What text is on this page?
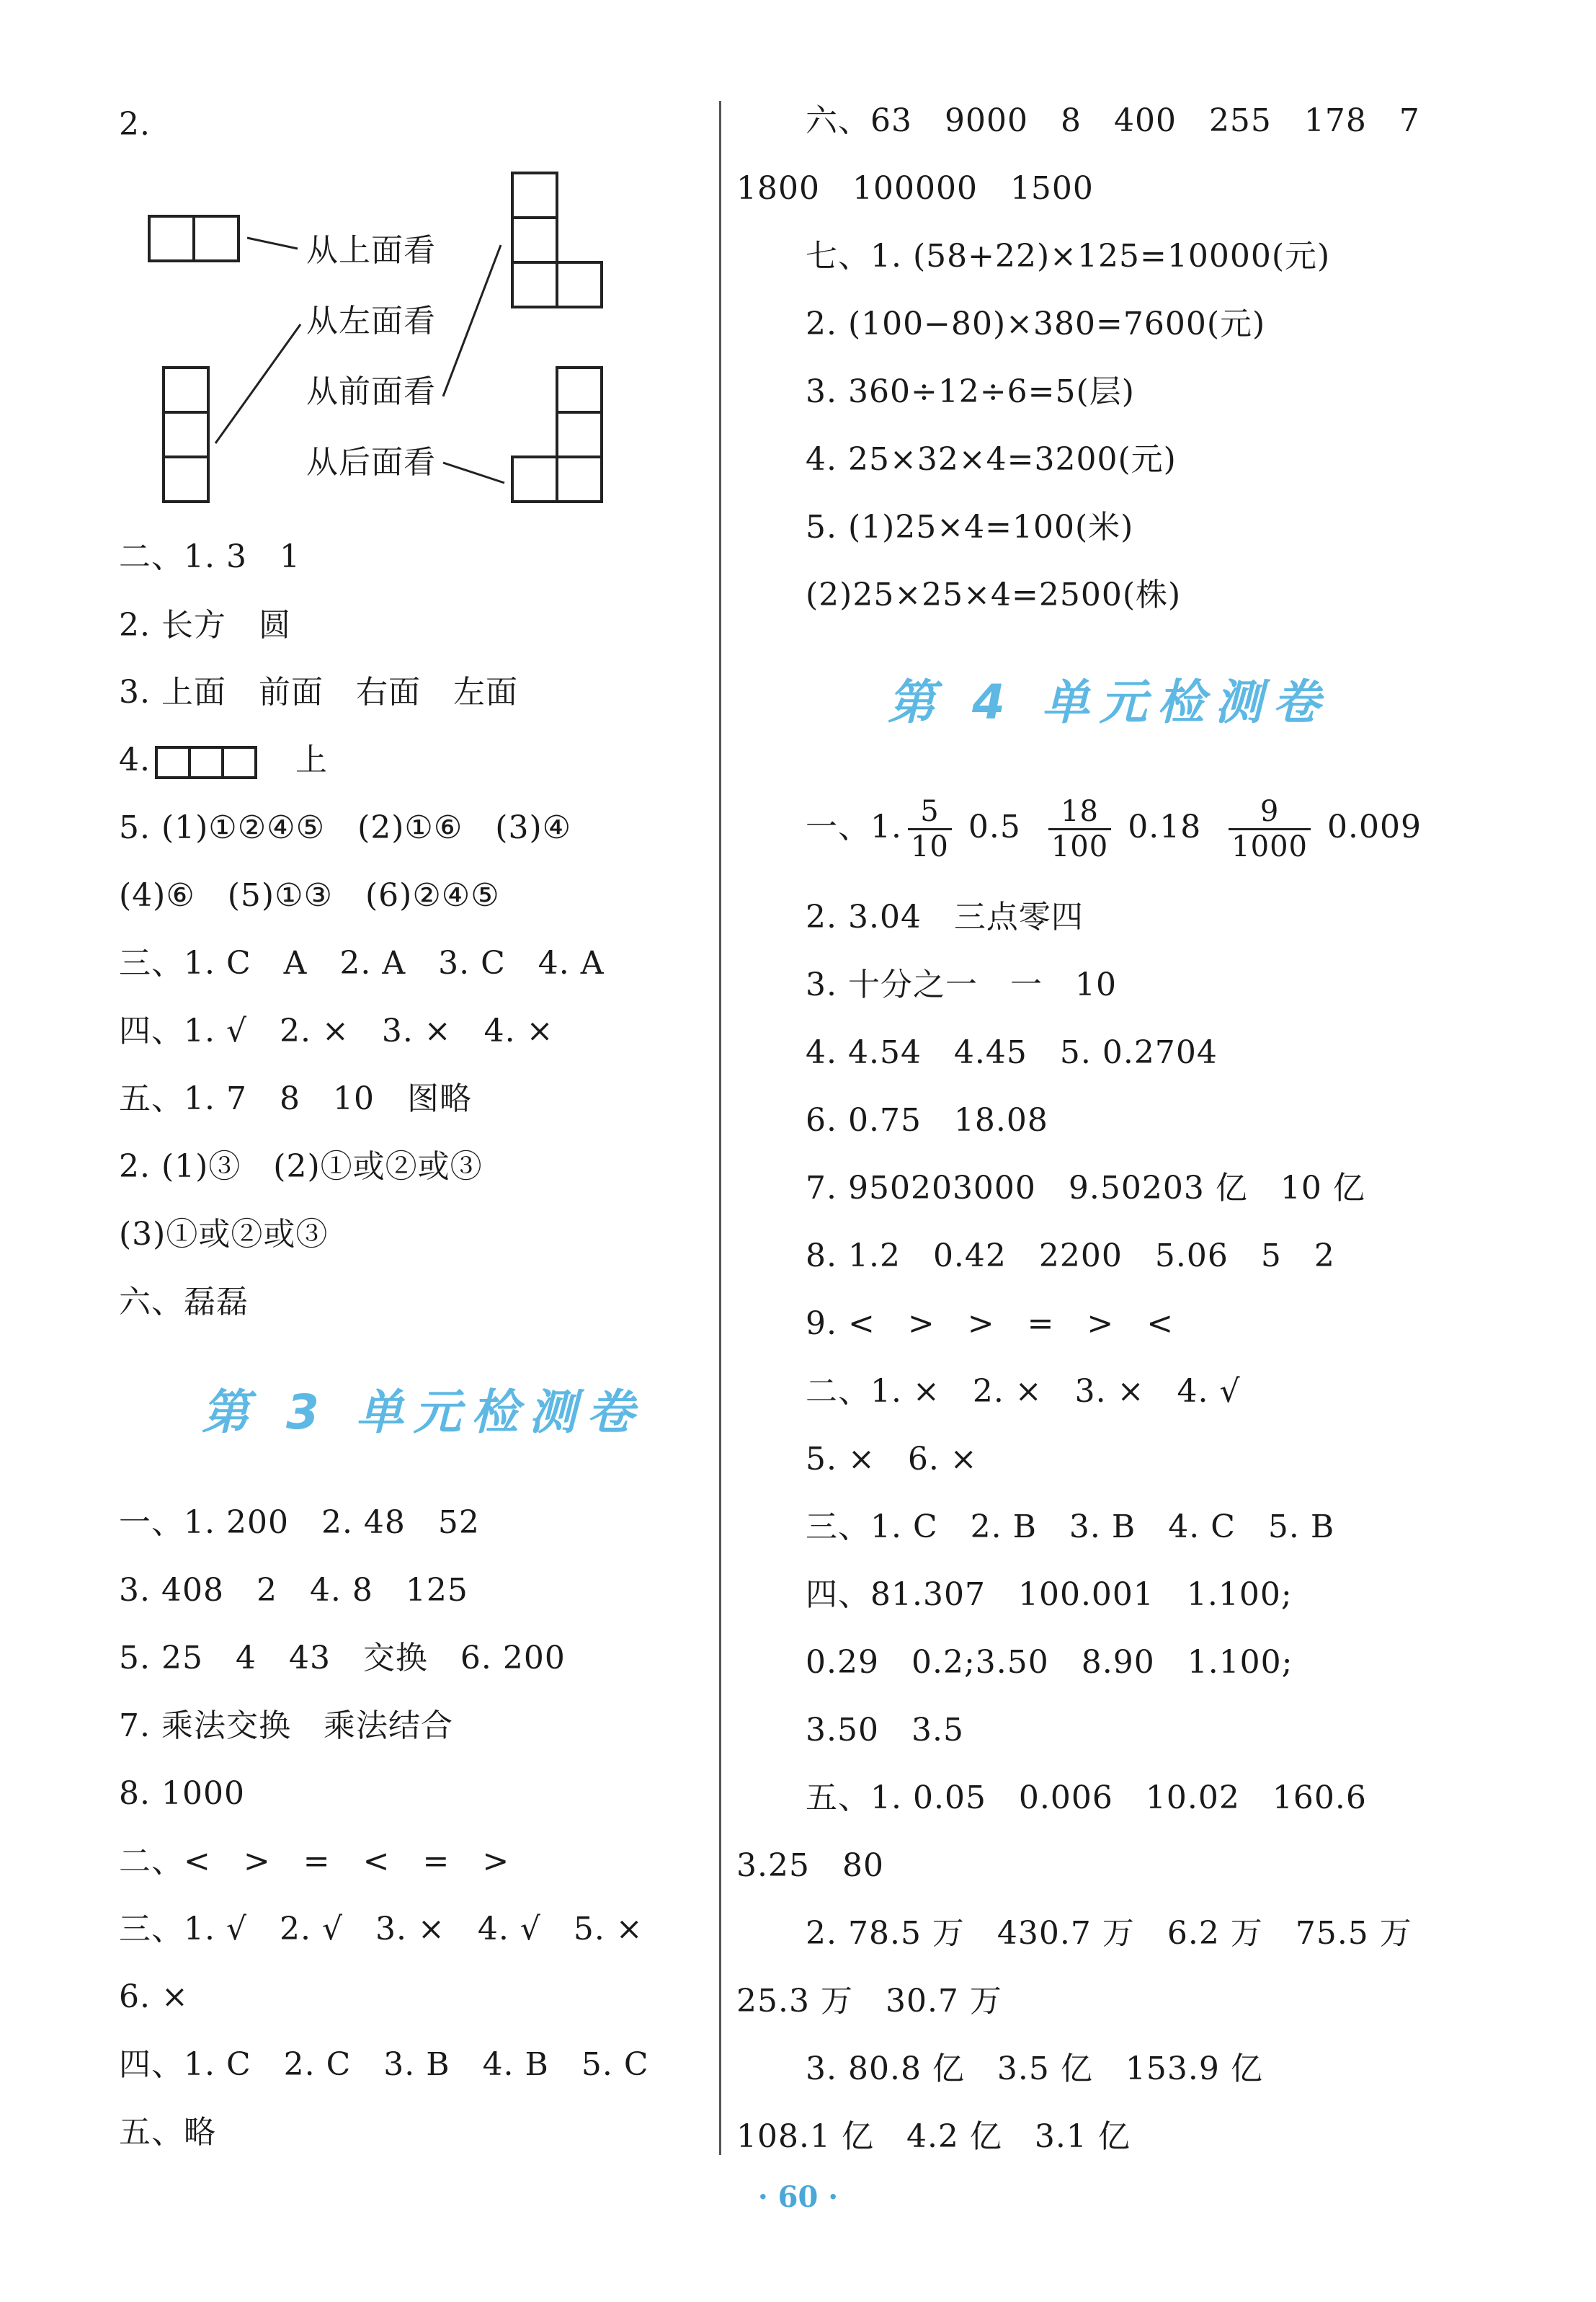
2.
从上面看
从左面看
从前面看
从后面看
二、1. 3　1
2. 长方　圆
3. 上面　前面　右面　左面
4.	上
5. (1)①②④⑤　(2)①⑥　(3)④
(4)⑥　(5)①③　(6)②④⑤
三、1. C　A　2. A　3. C　4. A
四、1. √　2. ×　3. ×　4. ×
五、1. 7　8　10　图略
2. (1)③　(2)①或②或③
(3)①或②或③
六、磊磊
第 3 单元检测卷
一、1. 200　2. 48　52
3. 408　2　4. 8　125
5. 25　4　43　交换　6. 200
7. 乘法交换　乘法结合
8. 1000
二、<　>　=　<　=　>
三、1. √　2. √　3. ×　4. √　5. ×
6. ×
四、1. C　2. C　3. B　4. B　5. C
五、略
六、63　9000　8　400　255　178　7
1800　100000　1500
七、1. (58+22)×125=10000(元)
2. (100−80)×380=7600(元)
3. 360÷12÷6=5(层)
4. 25×32×4=3200(元)
5. (1)25×4=100(米)
(2)25×25×4=2500(株)
第 4 单元检测卷
一、1. $\frac{5}{10} 0.5 \frac{18}{100} 0.18 \frac{9}{1000} 0.009$
2. 3.04　三点零四
3. 十分之一　一　10
4. 4.54　4.45　5. 0.2704
6. 0.75　18.08
7. 950203000　9.50203 亿　10 亿
8. 1.2　0.42　2200　5.06　5　2
9. <　>　>　=　>　<
二、1. ×　2. ×　3. ×　4. √
5. ×　6. ×
三、1. C　2. B　3. B　4. C　5. B
四、81.307　100.001　1.100;
0.29　0.2;3.50　8.90　1.100;
3.50　3.5
五、1. 0.05　0.006　10.02　160.6
3.25　80
2. 78.5 万　430.7 万　6.2 万　75.5 万
25.3 万　30.7 万
3. 80.8 亿　3.5 亿　153.9 亿
108.1 亿　4.2 亿　3.1 亿
· 60 ·
